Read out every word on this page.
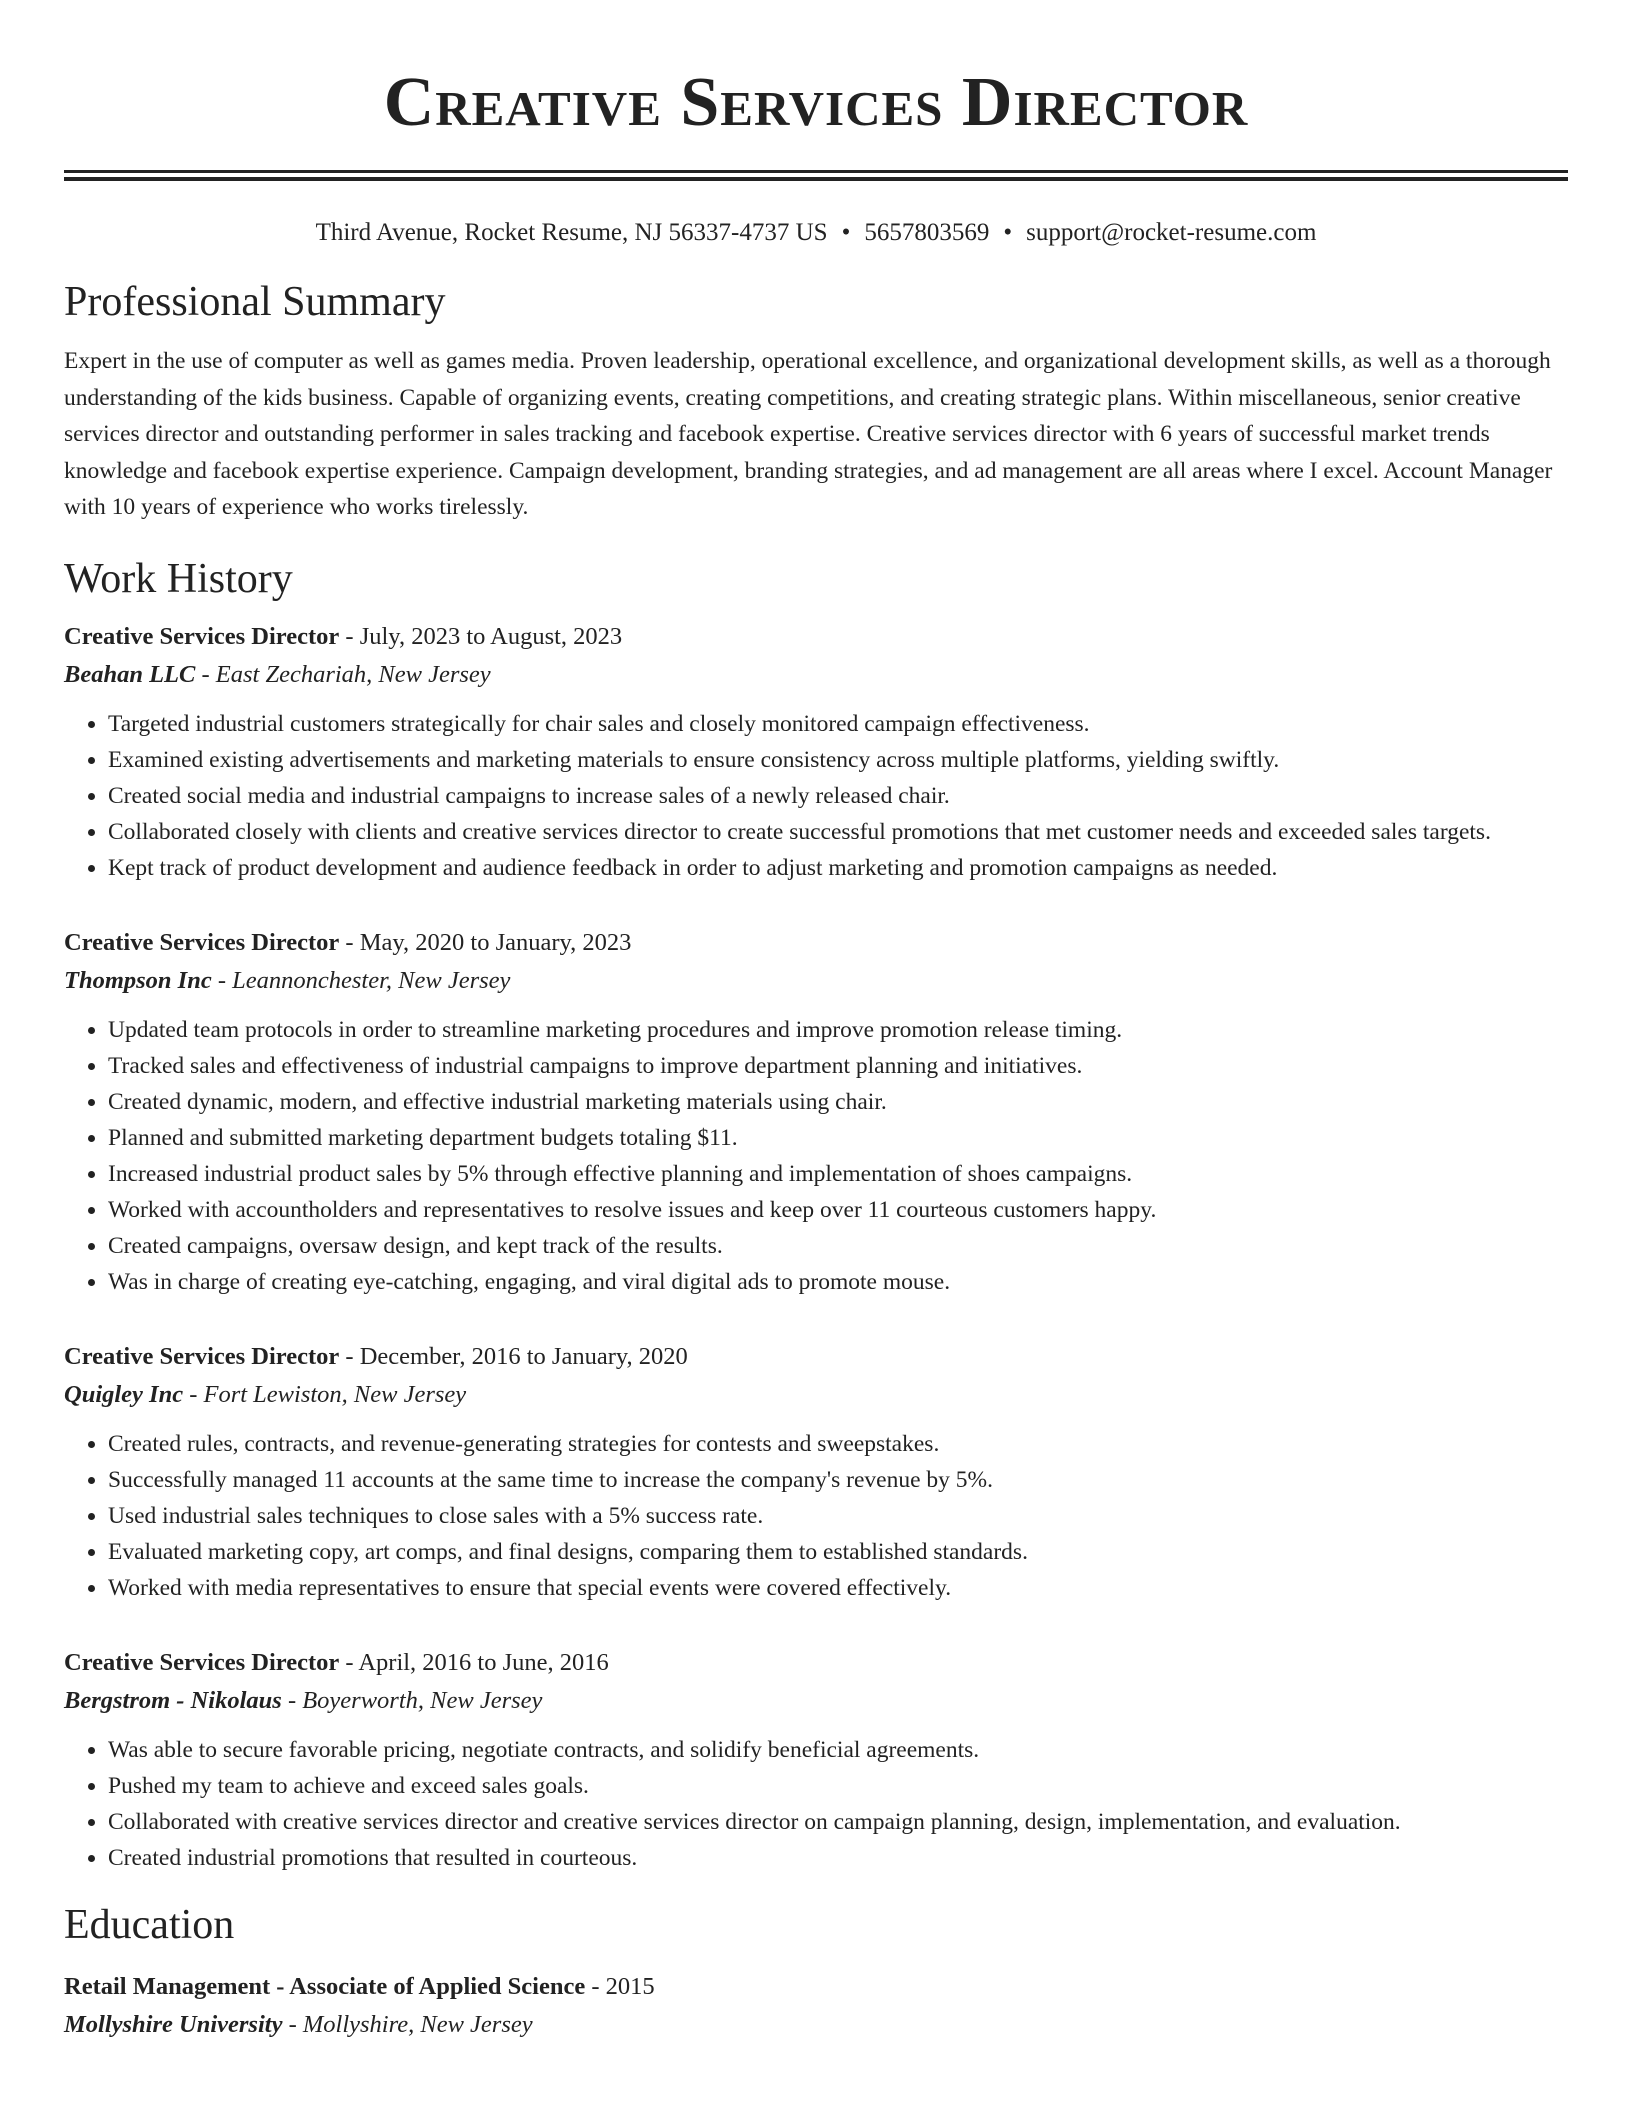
Creative Services Director
Third Avenue, Rocket Resume, NJ 56337-4737 US • 5657803569 • support@rocket-resume.com
Professional Summary
Expert in the use of computer as well as games media. Proven leadership, operational excellence, and organizational development skills, as well as a thorough understanding of the kids business. Capable of organizing events, creating competitions, and creating strategic plans. Within miscellaneous, senior creative services director and outstanding performer in sales tracking and facebook expertise. Creative services director with 6 years of successful market trends knowledge and facebook expertise experience. Campaign development, branding strategies, and ad management are all areas where I excel. Account Manager with 10 years of experience who works tirelessly.
Work History
Creative Services Director - July, 2023 to August, 2023
Beahan LLC - East Zechariah, New Jersey
• Targeted industrial customers strategically for chair sales and closely monitored campaign effectiveness.
• Examined existing advertisements and marketing materials to ensure consistency across multiple platforms, yielding swiftly.
• Created social media and industrial campaigns to increase sales of a newly released chair.
• Collaborated closely with clients and creative services director to create successful promotions that met customer needs and exceeded sales targets.
• Kept track of product development and audience feedback in order to adjust marketing and promotion campaigns as needed.
Creative Services Director - May, 2020 to January, 2023
Thompson Inc - Leannonchester, New Jersey
• Updated team protocols in order to streamline marketing procedures and improve promotion release timing.
• Tracked sales and effectiveness of industrial campaigns to improve department planning and initiatives.
• Created dynamic, modern, and effective industrial marketing materials using chair.
• Planned and submitted marketing department budgets totaling $11.
• Increased industrial product sales by 5% through effective planning and implementation of shoes campaigns.
• Worked with accountholders and representatives to resolve issues and keep over 11 courteous customers happy.
• Created campaigns, oversaw design, and kept track of the results.
• Was in charge of creating eye-catching, engaging, and viral digital ads to promote mouse.
Creative Services Director - December, 2016 to January, 2020
Quigley Inc - Fort Lewiston, New Jersey
• Created rules, contracts, and revenue-generating strategies for contests and sweepstakes.
• Successfully managed 11 accounts at the same time to increase the company's revenue by 5%.
• Used industrial sales techniques to close sales with a 5% success rate.
• Evaluated marketing copy, art comps, and final designs, comparing them to established standards.
• Worked with media representatives to ensure that special events were covered effectively.
Creative Services Director - April, 2016 to June, 2016
Bergstrom - Nikolaus - Boyerworth, New Jersey
• Was able to secure favorable pricing, negotiate contracts, and solidify beneficial agreements.
• Pushed my team to achieve and exceed sales goals.
• Collaborated with creative services director and creative services director on campaign planning, design, implementation, and evaluation.
• Created industrial promotions that resulted in courteous.
Education
Retail Management - Associate of Applied Science - 2015
Mollyshire University - Mollyshire, New Jersey
